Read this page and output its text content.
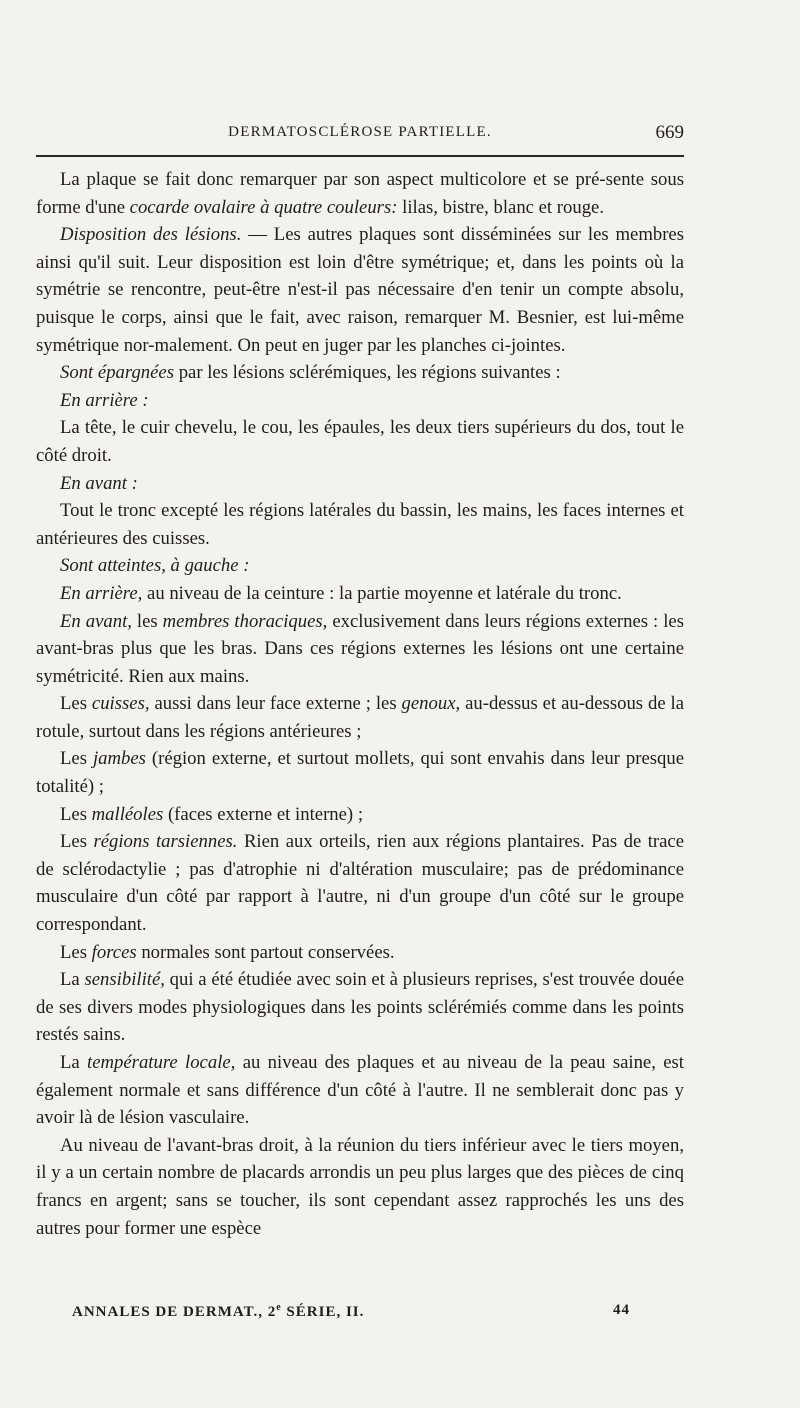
DERMATOSCLÉROSE PARTIELLE.	669

La plaque se fait donc remarquer par son aspect multicolore et se pré-sente sous forme d'une cocarde ovalaire à quatre couleurs: lilas, bistre, blanc et rouge.

Disposition des lésions. — Les autres plaques sont disséminées sur les membres ainsi qu'il suit. Leur disposition est loin d'être symétrique; et, dans les points où la symétrie se rencontre, peut-être n'est-il pas nécessaire d'en tenir un compte absolu, puisque le corps, ainsi que le fait, avec raison, remarquer M. Besnier, est lui-même symétrique nor-malement. On peut en juger par les planches ci-jointes.

Sont épargnées par les lésions sclérémiques, les régions suivantes :

En arrière :

La tête, le cuir chevelu, le cou, les épaules, les deux tiers supérieurs du dos, tout le côté droit.

En avant :

Tout le tronc excepté les régions latérales du bassin, les mains, les faces internes et antérieures des cuisses.

Sont atteintes, à gauche :

En arrière, au niveau de la ceinture : la partie moyenne et latérale du tronc.

En avant, les membres thoraciques, exclusivement dans leurs régions externes : les avant-bras plus que les bras. Dans ces régions externes les lésions ont une certaine symétricité. Rien aux mains.

Les cuisses, aussi dans leur face externe ; les genoux, au-dessus et au-dessous de la rotule, surtout dans les régions antérieures ;

Les jambes (région externe, et surtout mollets, qui sont envahis dans leur presque totalité) ;

Les malléoles (faces externe et interne) ;

Les régions tarsiennes. Rien aux orteils, rien aux régions plantaires. Pas de trace de sclérodactylie ; pas d'atrophie ni d'altération musculaire; pas de prédominance musculaire d'un côté par rapport à l'autre, ni d'un groupe d'un côté sur le groupe correspondant.

Les forces normales sont partout conservées.

La sensibilité, qui a été étudiée avec soin et à plusieurs reprises, s'est trouvée douée de ses divers modes physiologiques dans les points sclérémiés comme dans les points restés sains.

La température locale, au niveau des plaques et au niveau de la peau saine, est également normale et sans différence d'un côté à l'autre. Il ne semblerait donc pas y avoir là de lésion vasculaire.

Au niveau de l'avant-bras droit, à la réunion du tiers inférieur avec le tiers moyen, il y a un certain nombre de placards arrondis un peu plus larges que des pièces de cinq francs en argent; sans se toucher, ils sont cependant assez rapprochés les uns des autres pour former une espèce

ANNALES DE DERMAT., 2e SÉRIE, II.	44
